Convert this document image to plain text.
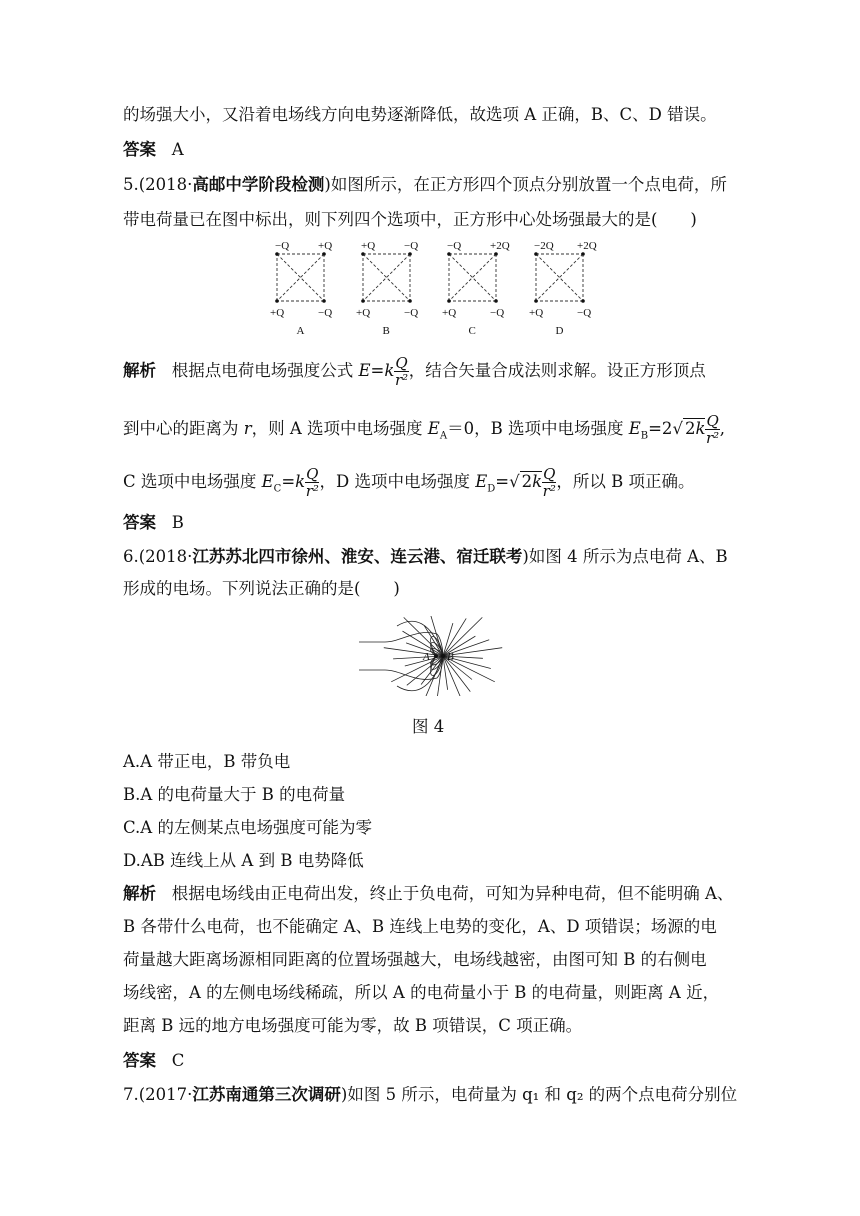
的场强大小，又沿着电场线方向电势逐渐降低，故选项 A 正确，B、C、D 错误。
答案 A
5.(2018·高邮中学阶段检测)如图所示，在正方形四个顶点分别放置一个点电荷，所
带电荷量已在图中标出，则下列四个选项中，正方形中心处场强最大的是(　　)
−Q	+Q
+Q	−Q
A
+Q	−Q
+Q	−Q
B
−Q	+2Q
+Q	−Q
C
−2Q +2Q
+Q	−Q
D
解析 根据点电荷电场强度公式 $E=k \frac{Q}{\text{r²}}$ ，结合矢量合成法则求解。设正方形顶点
到中心的距离为 r，则 A 选项中电场强度 $E_A=0$，B 选项中电场强度 $E_B=2√$ $2k \frac{Q}{\text{r²}}$ ,
C 选项中电场强度 $E_C=k \frac{Q}{\text{r²}}$ ，D 选项中电场强度 $E_D=√$ $2k \frac{Q}{\text{r²}}$ ，所以 B 项正确。
答案 B
6.(2018·江苏苏北四市徐州、淮安、连云港、宿迁联考)如图 4 所示为点电荷 A、B
形成的电场。下列说法正确的是(　　)
A B
图 4
A.A 带正电，B 带负电
B.A 的电荷量大于 B 的电荷量
C.A 的左侧某点电场强度可能为零
D.AB 连线上从 A 到 B 电势降低
解析 根据电场线由正电荷出发，终止于负电荷，可知为异种电荷，但不能明确 A、
B 各带什么电荷，也不能确定 A、B 连线上电势的变化，A、D 项错误；场源的电
荷量越大距离场源相同距离的位置场强越大，电场线越密，由图可知 B 的右侧电
场线密，A 的左侧电场线稀疏，所以 A 的电荷量小于 B 的电荷量，则距离 A 近，
距离 B 远的地方电场强度可能为零，故 B 项错误，C 项正确。
答案 C
7.(2017·江苏南通第三次调研)如图 5 所示，电荷量为 q₁ 和 q₂ 的两个点电荷分别位
